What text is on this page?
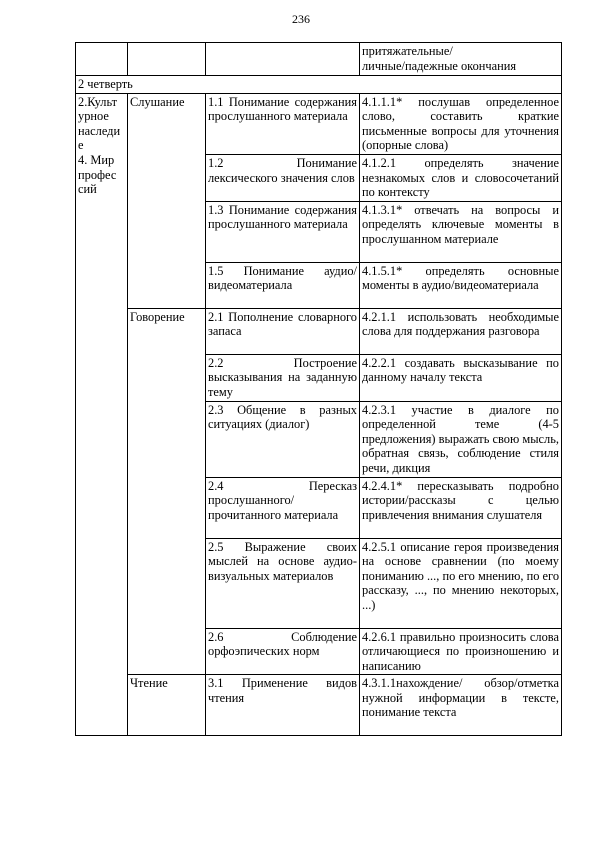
236
			притяжательные/
личные/падежные окончания
2 четверть			

2.Культ урное наследи е
4. Мир профес сий	Слушание	1.1 Понимание содержания прослушанного материала	4.1.1.1* послушав определенное слово, составить краткие письменные вопросы для уточнения (опорные слова)
		1.2 Понимание лексического значения слов	4.1.2.1 определять значение незнакомых слов и словосочетаний по контексту
		1.3 Понимание содержания прослушанного материала	4.1.3.1* отвечать на вопросы и определять ключевые моменты в прослушанном материале
		1.5 Понимание аудио/видеоматериала	4.1.5.1* определять основные моменты в аудио/видеоматериала
	Говорение	2.1 Пополнение словарного запаса	4.2.1.1 использовать необходимые слова для поддержания разговора
		2.2 Построение высказывания на заданную тему	4.2.2.1 создавать высказывание по данному началу текста
		2.3 Общение в разных ситуациях (диалог)	4.2.3.1 участие в диалоге по определенной теме (4-5 предложения) выражать свою мысль, обратная связь, соблюдение стиля речи, дикция
		2.4 Пересказ прослушанного/прочитанного материала	4.2.4.1* пересказывать подробно истории/рассказы с целью привлечения внимания слушателя
		2.5 Выражение своих мыслей на основе аудио-визуальных материалов	4.2.5.1 описание героя произведения на основе сравнении (по моему пониманию ..., по его мнению, по его рассказу, ..., по мнению некоторых, ...)
		2.6 Соблюдение орфоэпических норм	4.2.6.1 правильно произносить слова отличающиеся по произношению и написанию
	Чтение	3.1 Применение видов чтения	4.3.1.1нахождение/ обзор/отметка нужной информации в тексте, понимание текста
